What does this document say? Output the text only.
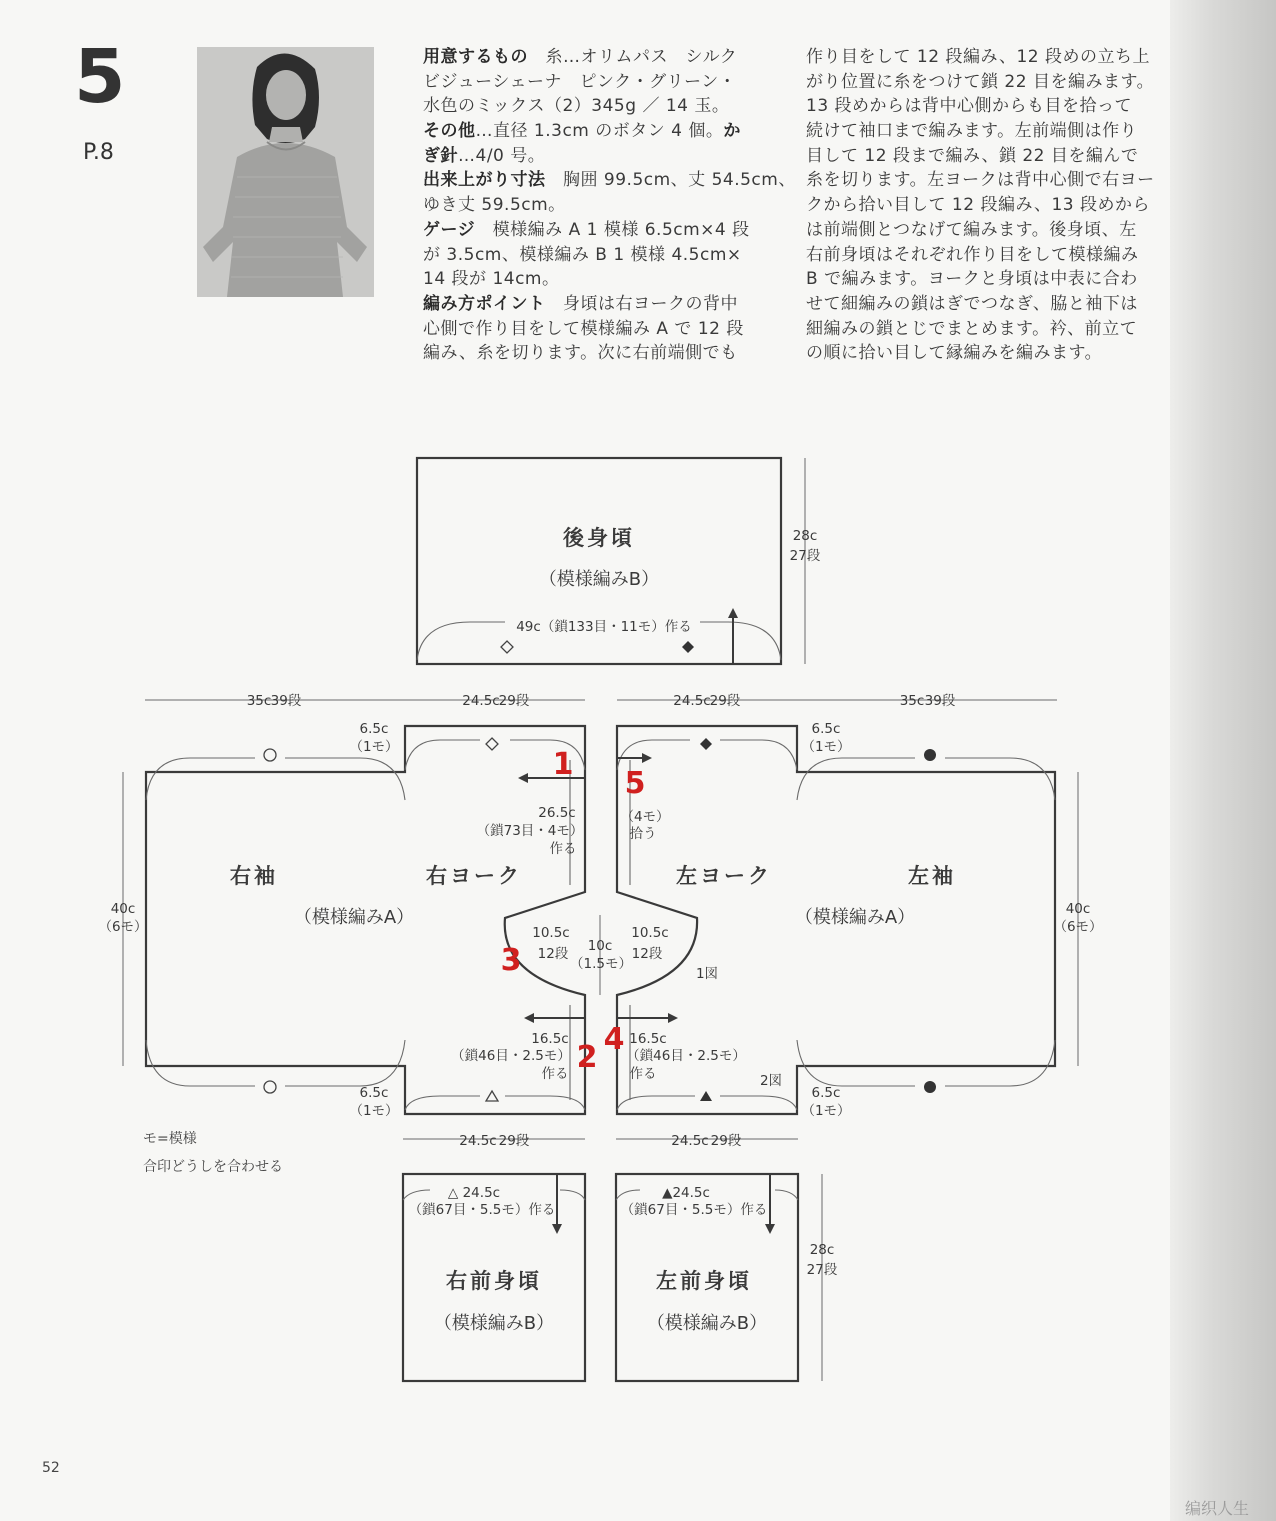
5
P.8
用意するもの　糸…オリムパス　シルク
ビジューシェーナ　ピンク・グリーン・
水色のミックス（2）345g ／ 14 玉。
その他…直径 1.3cm のボタン 4 個。か
ぎ針…4/0 号。
出来上がり寸法　胸囲 99.5cm、丈 54.5cm、
ゆき丈 59.5cm。
ゲージ　模様編み A 1 模様 6.5cm×4 段
が 3.5cm、模様編み B 1 模様 4.5cm×
14 段が 14cm。
編み方ポイント　身頃は右ヨークの背中
心側で作り目をして模様編み A で 12 段
編み、糸を切ります。次に右前端側でも
作り目をして 12 段編み、12 段めの立ち上
がり位置に糸をつけて鎖 22 目を編みます。
13 段めからは背中心側からも目を拾って
続けて袖口まで編みます。左前端側は作り
目して 12 段まで編み、鎖 22 目を編んで
糸を切ります。左ヨークは背中心側で右ヨー
クから拾い目して 12 段編み、13 段めから
は前端側とつなげて編みます。後身頃、左
右前身頃はそれぞれ作り目をして模様編み
B で編みます。ヨークと身頃は中表に合わ
せて細編みの鎖はぎでつなぎ、脇と袖下は
細編みの鎖とじでまとめます。衿、前立て
の順に拾い目して縁編みを編みます。
後身頃
（模様編みB）
49c（鎖133目・11モ）作る
28c
27段
35c 39段	24.5c
29段	24.5c
29段	35c 39段
6.5c
（1モ）
6.5c
（1モ）
6.5c
（1モ）
6.5c
（1モ）
右袖	右ヨーク
（模様編みA）
左ヨーク	左袖
（模様編みA）
40c
（6モ）
40c
（6モ）
26.5c
（鎖73目・4モ）
作る
（4モ）
拾う
10.5c
12段
10.5c
12段
10c
（1.5モ）
1図
2図
16.5c
（鎖46目・2.5モ）
作る
16.5c
（鎖46目・2.5モ）
作る
24.5c 29段	24.5c 29段
△ 24.5c
（鎖67目・5.5モ）作る
右前身頃
（模様編みB）
▲24.5c
（鎖67目・5.5モ）作る
左前身頃
（模様編みB）
28c
27段
1
2
3
4
5
モ=模様
合印どうしを合わせる
52
编织人生
